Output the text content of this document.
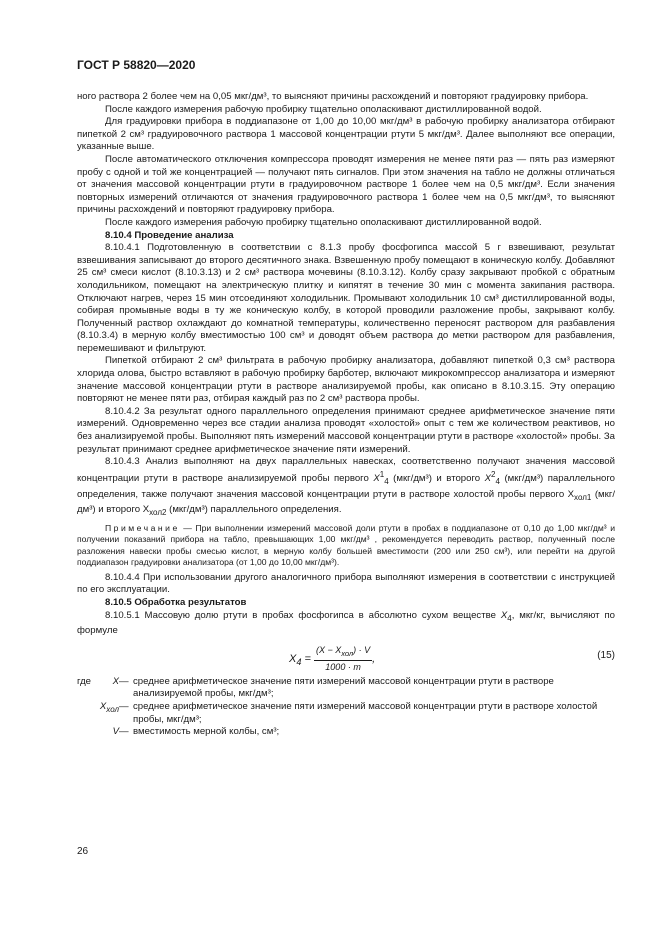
ГОСТ Р 58820—2020

ного раствора 2 более чем на 0,05 мкг/дм³, то выясняют причины расхождений и повторяют градуировку прибора.

После каждого измерения рабочую пробирку тщательно ополаскивают дистиллированной водой.

Для градуировки прибора в поддиапазоне от 1,00 до 10,00 мкг/дм³ в рабочую пробирку анализатора отбирают пипеткой 2 см³ градуировочного раствора 1 массовой концентрации ртути 5 мкг/дм³. Далее выполняют все операции, указанные выше.

После автоматического отключения компрессора проводят измерения не менее пяти раз — пять раз измеряют пробу с одной и той же концентрацией — получают пять сигналов. При этом значения на табло не должны отличаться от значения массовой концентрации ртути в градуировочном растворе 1 более чем на 0,5 мкг/дм³. Если значения повторных измерений отличаются от значения градуировочного раствора 1 более чем на 0,5 мкг/дм³, то выясняют причины расхождений и повторяют градуировку прибора.

После каждого измерения рабочую пробирку тщательно ополаскивают дистиллированной водой.

8.10.4 Проведение анализа

8.10.4.1 Подготовленную в соответствии с 8.1.3 пробу фосфогипса массой 5 г взвешивают, результат взвешивания записывают до второго десятичного знака. Взвешенную пробу помещают в коническую колбу. Добавляют 25 см³ смеси кислот (8.10.3.13) и 2 см³ раствора мочевины (8.10.3.12). Колбу сразу закрывают пробкой с обратным холодильником, помещают на электрическую плитку и кипятят в течение 30 мин с момента закипания раствора. Отключают нагрев, через 15 мин отсоединяют холодильник. Промывают холодильник 10 см³ дистиллированной воды, собирая промывные воды в ту же коническую колбу, в которой проводили разложение пробы, закрывают колбу. Полученный раствор охлаждают до комнатной температуры, количественно переносят раствором для разбавления (8.10.3.4) в мерную колбу вместимостью 100 см³ и доводят объем раствора до метки раствором для разбавления, перемешивают и фильтруют.

Пипеткой отбирают 2 см³ фильтрата в рабочую пробирку анализатора, добавляют пипеткой 0,3 см³ раствора хлорида олова, быстро вставляют в рабочую пробирку барботер, включают микрокомпрессор анализатора и измеряют значение массовой концентрации ртути в растворе анализируемой пробы, как описано в 8.10.3.15. Эту операцию повторяют не менее пяти раз, отбирая каждый раз по 2 см³ раствора пробы.

8.10.4.2 За результат одного параллельного определения принимают среднее арифметическое значение пяти измерений. Одновременно через все стадии анализа проводят «холостой» опыт с тем же количеством реактивов, но без анализируемой пробы. Выполняют пять измерений массовой концентрации ртути в растворе «холостой» пробы. За результат принимают среднее арифметическое значение пяти измерений.

8.10.4.3 Анализ выполняют на двух параллельных навесках, соответственно получают значения массовой концентрации ртути в растворе анализируемой пробы первого $X^1_4$ (мкг/дм³) и второго $X^2_4$ (мкг/дм³) параллельного определения, также получают значения массовой концентрации ртути в растворе холостой пробы первого $Х_{хол1}$ (мкг/дм³) и второго $Х_{хол2}$ (мкг/дм³) параллельного определения.

Примечание — При выполнении измерений массовой доли ртути в пробах в поддиапазоне от 0,10 до 1,00 мкг/дм³ и получении показаний прибора на табло, превышающих 1,00 мкг/дм³ , рекомендуется переводить раствор, полученный после разложения навески пробы смесью кислот, в мерную колбу большей вместимости (200 или 250 см³), или перейти на другой поддиапазон градуировки анализатора (от 1,00 до 10,00 мкг/дм³).

8.10.4.4 При использовании другого аналогичного прибора выполняют измерения в соответствии с инструкцией по его эксплуатации.

8.10.5 Обработка результатов

8.10.5.1 Массовую долю ртути в пробах фосфогипса в абсолютно сухом веществе $X_4$, мкг/кг, вычисляют по формуле

$X_4 = \frac{(X - X_{хол}) \cdot V}{1000 \cdot m}$ ,	(15)
где	X	—	среднее арифметическое значение пяти измерений массовой концентрации ртути в растворе анализируемой пробы, мкг/дм³;
	$X_{хол}$	—	среднее арифметическое значение пяти измерений массовой концентрации ртути в растворе холостой пробы, мкг/дм³;
	V	—	вместимость мерной колбы, см³;
26
